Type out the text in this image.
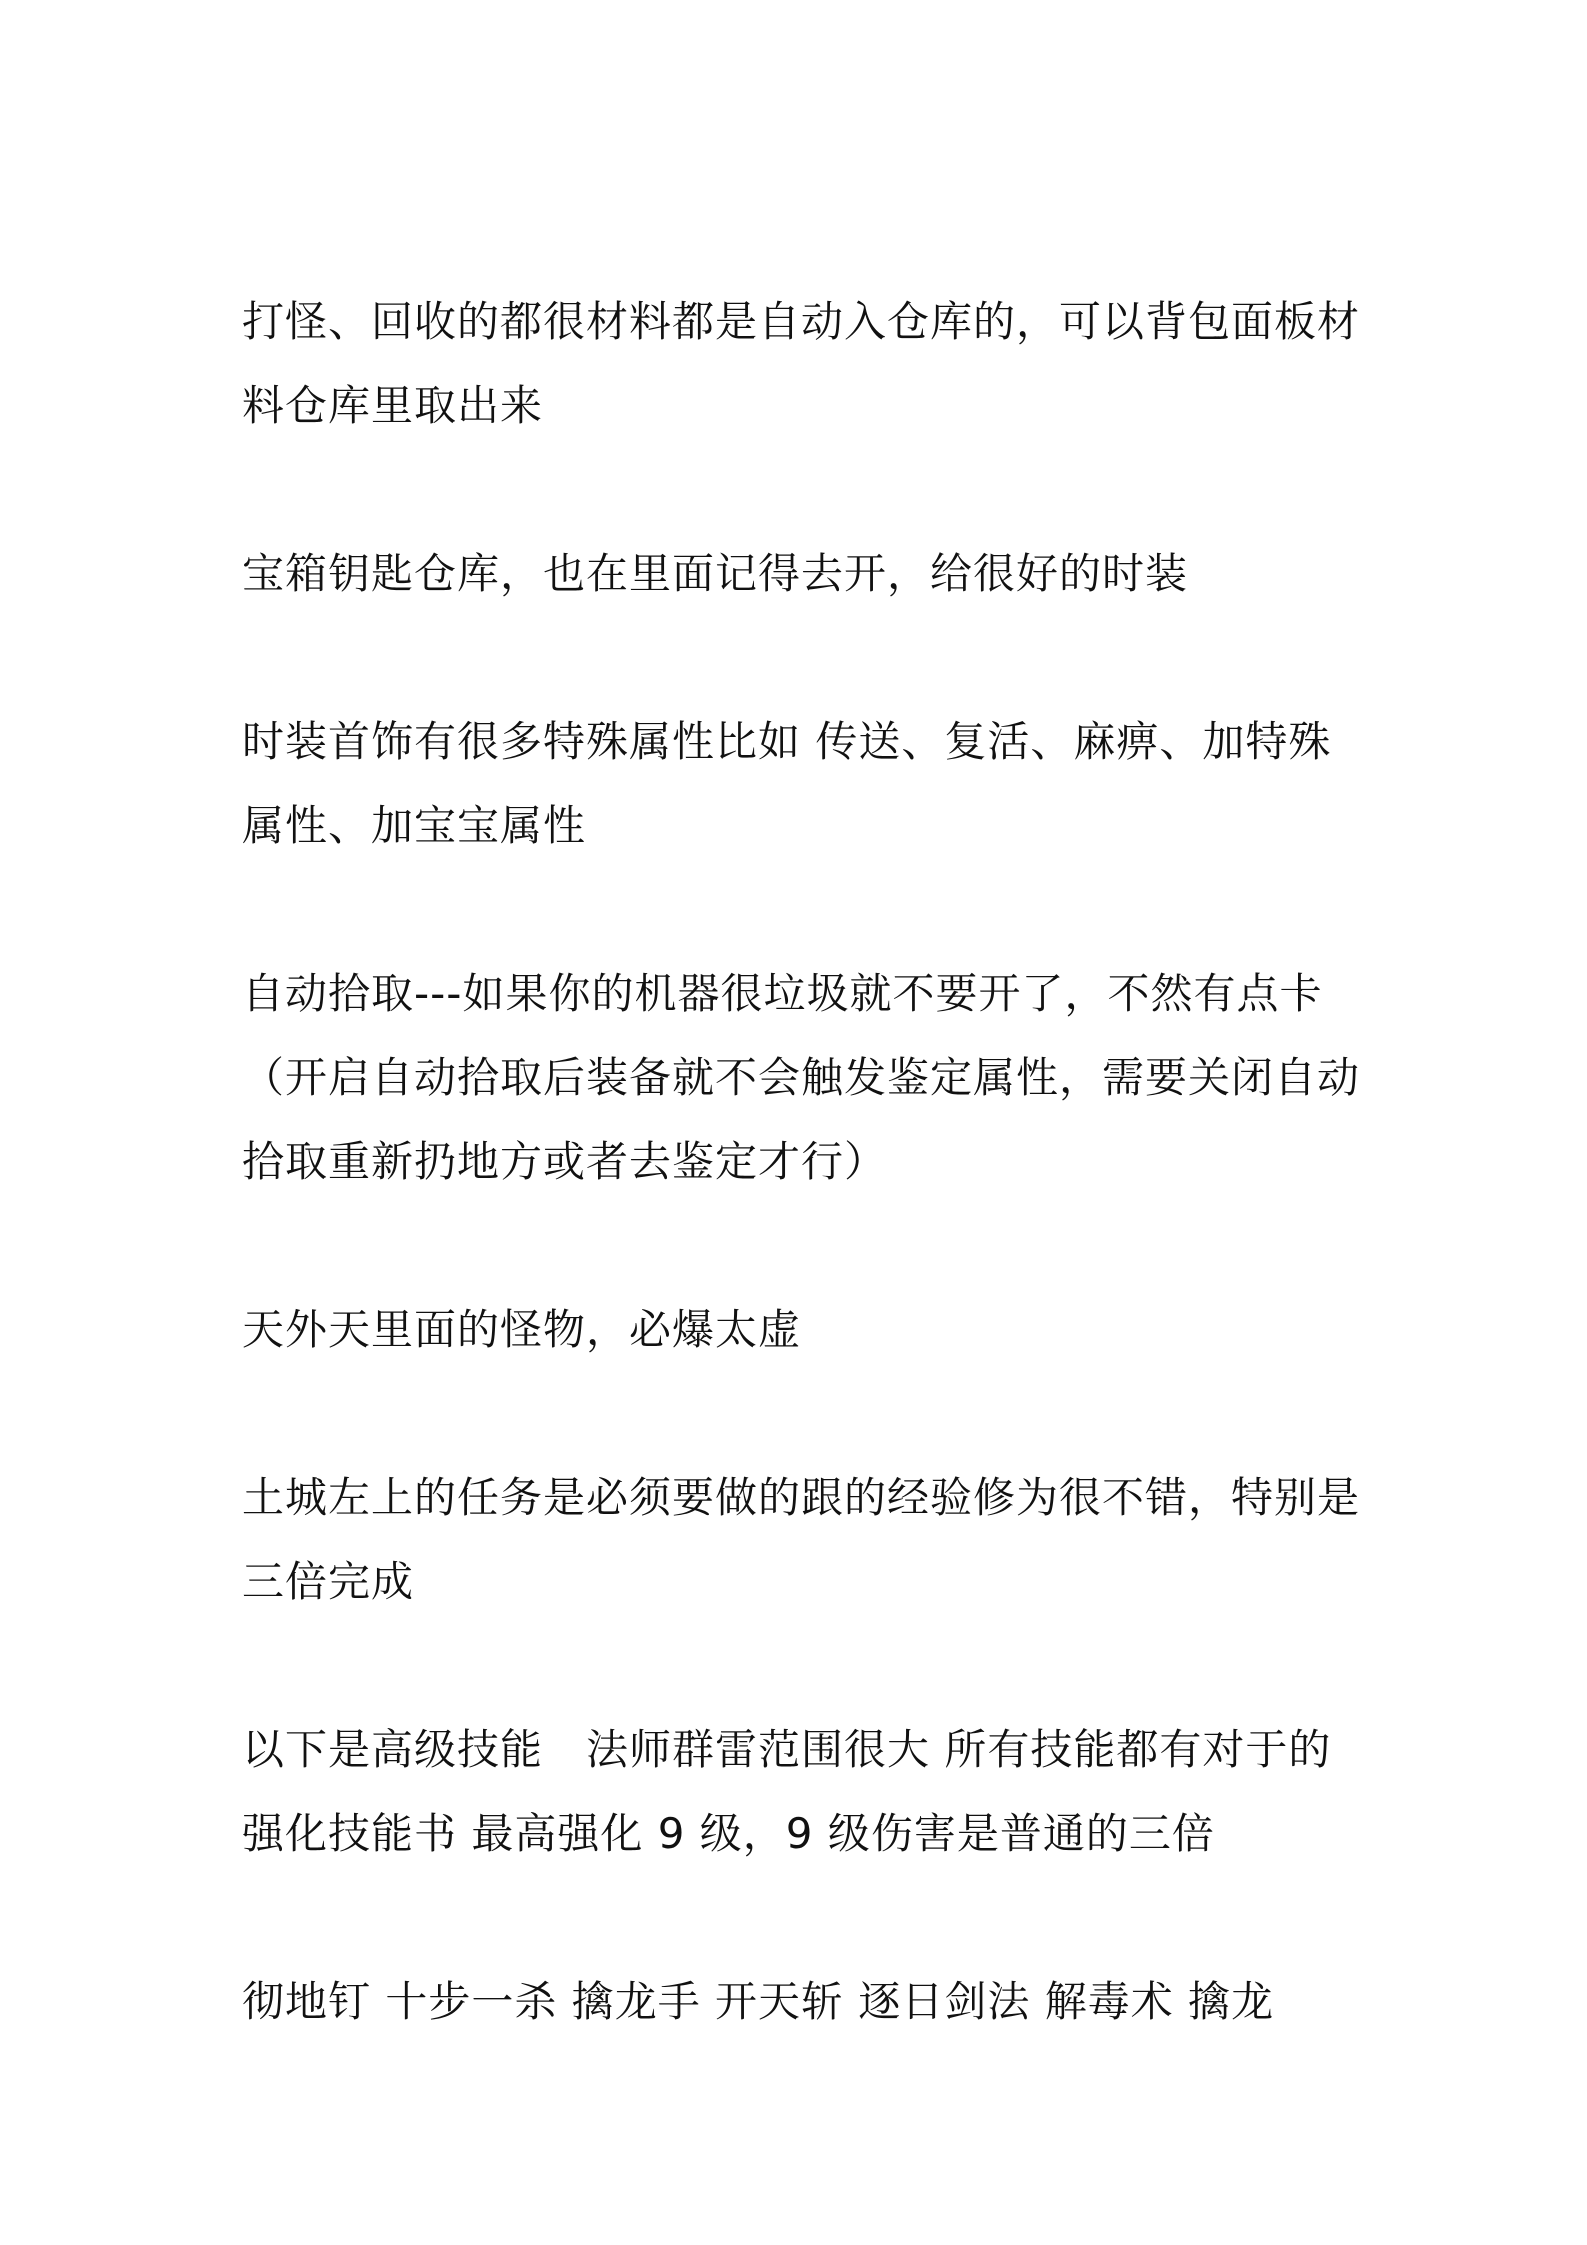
打怪、回收的都很材料都是自动入仓库的，可以背包面板材料仓库里取出来

宝箱钥匙仓库，也在里面记得去开，给很好的时装

时装首饰有很多特殊属性比如 传送、复活、麻痹、加特殊属性、加宝宝属性

自动拾取---如果你的机器很垃圾就不要开了，不然有点卡（开启自动拾取后装备就不会触发鉴定属性，需要关闭自动拾取重新扔地方或者去鉴定才行）

天外天里面的怪物，必爆太虚

土城左上的任务是必须要做的跟的经验修为很不错，特别是三倍完成

以下是高级技能   法师群雷范围很大 所有技能都有对于的强化技能书 最高强化 9 级，9 级伤害是普通的三倍

彻地钉 十步一杀 擒龙手 开天斩 逐日剑法 解毒术 擒龙
